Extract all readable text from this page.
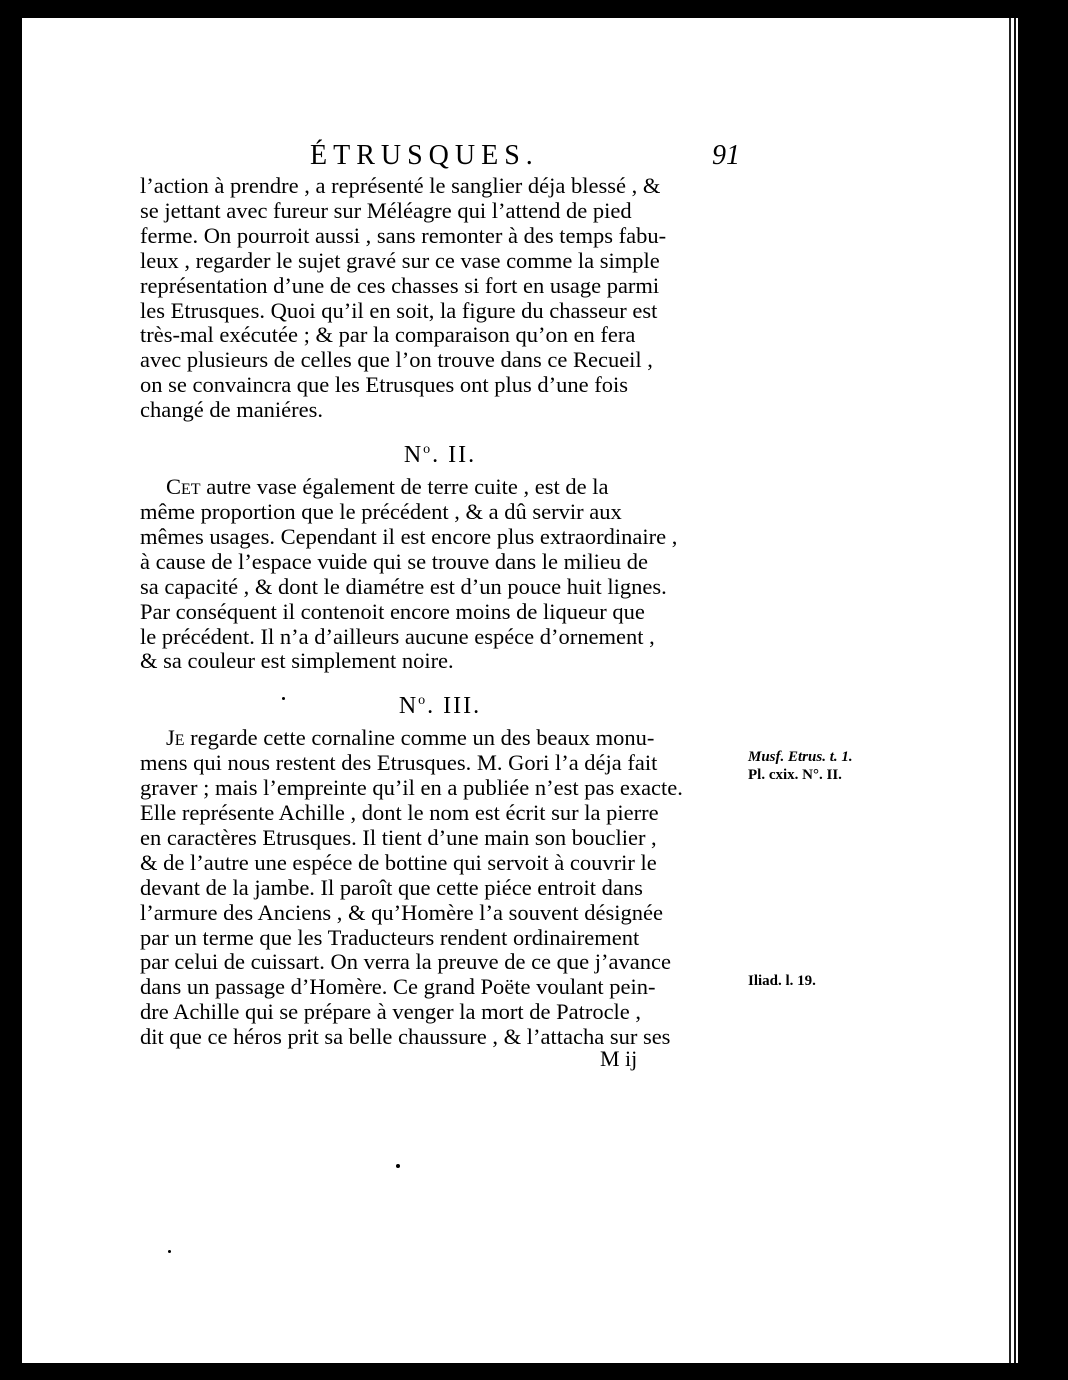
ÉTRUSQUES.	91
l’action à prendre , a représenté le sanglier déja blessé , &
se jettant avec fureur sur Méléagre qui l’attend de pied
ferme. On pourroit aussi , sans remonter à des temps fabu-
leux , regarder le sujet gravé sur ce vase comme la simple
représentation d’une de ces chasses si fort en usage parmi
les Etrusques. Quoi qu’il en soit, la figure du chasseur est
très-mal exécutée ; & par la comparaison qu’on en fera
avec plusieurs de celles que l’on trouve dans ce Recueil ,
on se convaincra que les Etrusques ont plus d’une fois
changé de maniéres.
$N^o$. II.
Cet autre vase également de terre cuite , est de la
même proportion que le précédent , & a dû servir aux
mêmes usages. Cependant il est encore plus extraordinaire ,
à cause de l’espace vuide qui se trouve dans le milieu de
sa capacité , & dont le diamétre est d’un pouce huit lignes.
Par conséquent il contenoit encore moins de liqueur que
le précédent. Il n’a d’ailleurs aucune espéce d’ornement ,
& sa couleur est simplement noire.
$N^o$. III.
Je regarde cette cornaline comme un des beaux monu-
mens qui nous restent des Etrusques. M. Gori l’a déja fait
graver ; mais l’empreinte qu’il en a publiée n’est pas exacte.
Elle représente Achille , dont le nom est écrit sur la pierre
en caractères Etrusques. Il tient d’une main son bouclier ,
& de l’autre une espéce de bottine qui servoit à couvrir le
devant de la jambe. Il paroît que cette piéce entroit dans
l’armure des Anciens , & qu’Homère l’a souvent désignée
par un terme que les Traducteurs rendent ordinairement
par celui de cuissart. On verra la preuve de ce que j’avance
dans un passage d’Homère. Ce grand Poëte voulant pein-
dre Achille qui se prépare à venger la mort de Patrocle ,
dit que ce héros prit sa belle chaussure , & l’attacha sur ses
Musf. Etrus. t. 1.
Pl. cxix. N°. II.
Iliad. l. 19.
M ij
